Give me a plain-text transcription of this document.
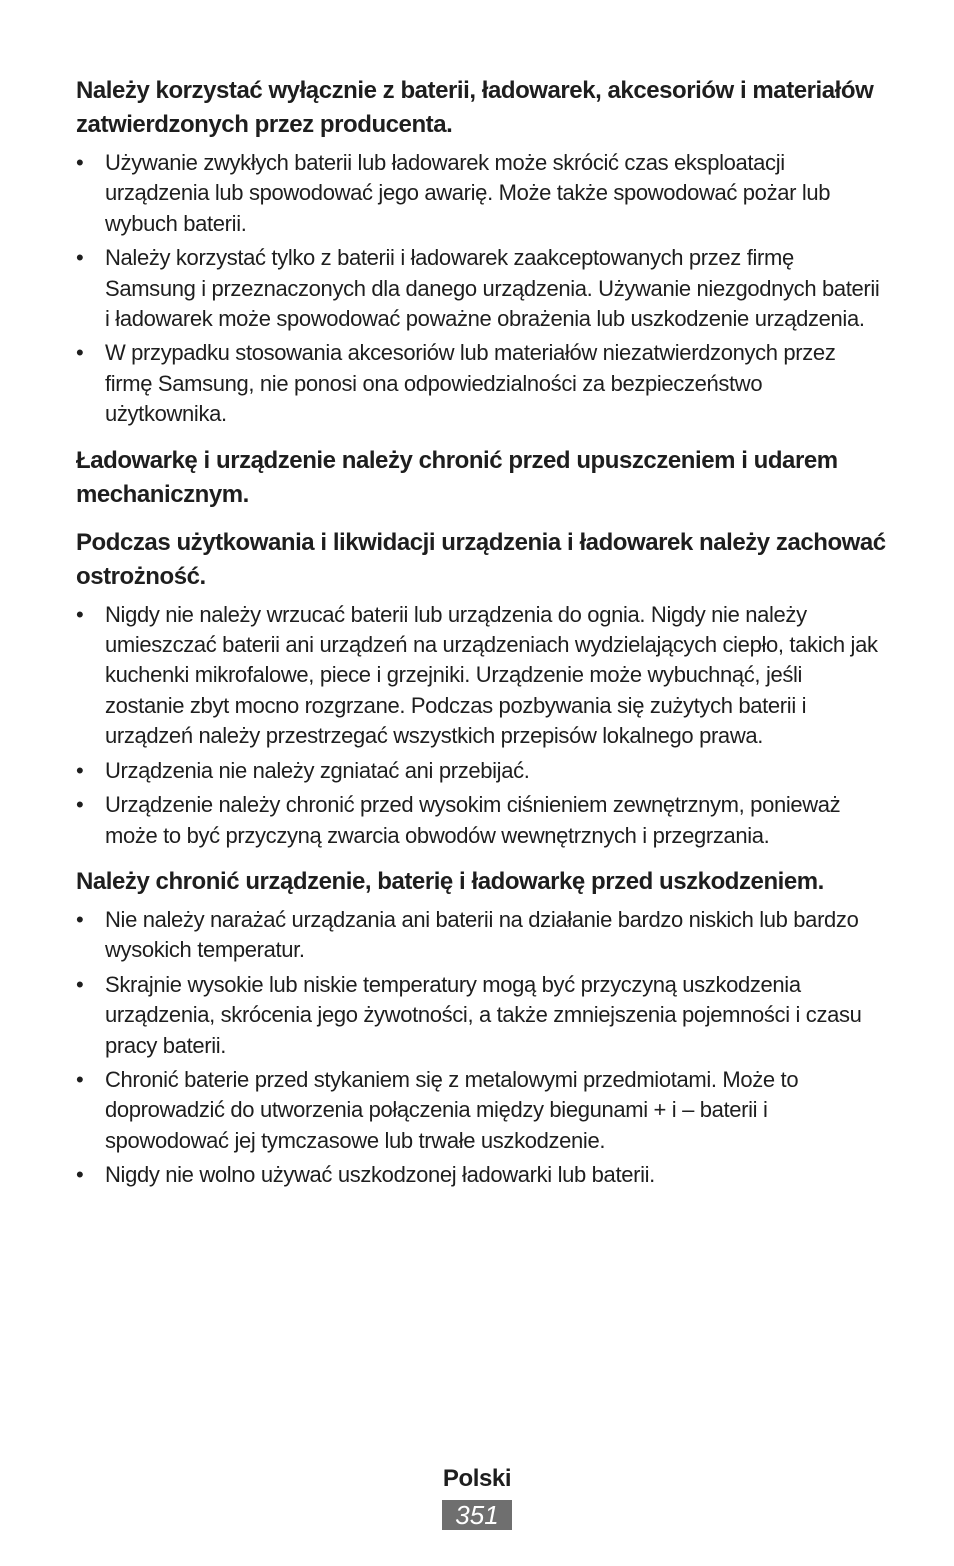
Należy korzystać wyłącznie z baterii, ładowarek, akcesoriów i materiałów zatwierdzonych przez producenta.
• Używanie zwykłych baterii lub ładowarek może skrócić czas eksploatacji urządzenia lub spowodować jego awarię. Może także spowodować pożar lub wybuch baterii.
• Należy korzystać tylko z baterii i ładowarek zaakceptowanych przez firmę Samsung i przeznaczonych dla danego urządzenia. Używanie niezgodnych baterii i ładowarek może spowodować poważne obrażenia lub uszkodzenie urządzenia.
• W przypadku stosowania akcesoriów lub materiałów niezatwierdzonych przez firmę Samsung, nie ponosi ona odpowiedzialności za bezpieczeństwo użytkownika.
Ładowarkę i urządzenie należy chronić przed upuszczeniem i udarem mechanicznym.
Podczas użytkowania i likwidacji urządzenia i ładowarek należy zachować ostrożność.
• Nigdy nie należy wrzucać baterii lub urządzenia do ognia. Nigdy nie należy umieszczać baterii ani urządzeń na urządzeniach wydzielających ciepło, takich jak kuchenki mikrofalowe, piece i grzejniki. Urządzenie może wybuchnąć, jeśli zostanie zbyt mocno rozgrzane. Podczas pozbywania się zużytych baterii i urządzeń należy przestrzegać wszystkich przepisów lokalnego prawa.
• Urządzenia nie należy zgniatać ani przebijać.
• Urządzenie należy chronić przed wysokim ciśnieniem zewnętrznym, ponieważ może to być przyczyną zwarcia obwodów wewnętrznych i przegrzania.
Należy chronić urządzenie, baterię i ładowarkę przed uszkodzeniem.
• Nie należy narażać urządzania ani baterii na działanie bardzo niskich lub bardzo wysokich temperatur.
• Skrajnie wysokie lub niskie temperatury mogą być przyczyną uszkodzenia urządzenia, skrócenia jego żywotności, a także zmniejszenia pojemności i czasu pracy baterii.
• Chronić baterie przed stykaniem się z metalowymi przedmiotami. Może to doprowadzić do utworzenia połączenia między biegunami + i – baterii i spowodować jej tymczasowe lub trwałe uszkodzenie.
• Nigdy nie wolno używać uszkodzonej ładowarki lub baterii.
Polski
351
